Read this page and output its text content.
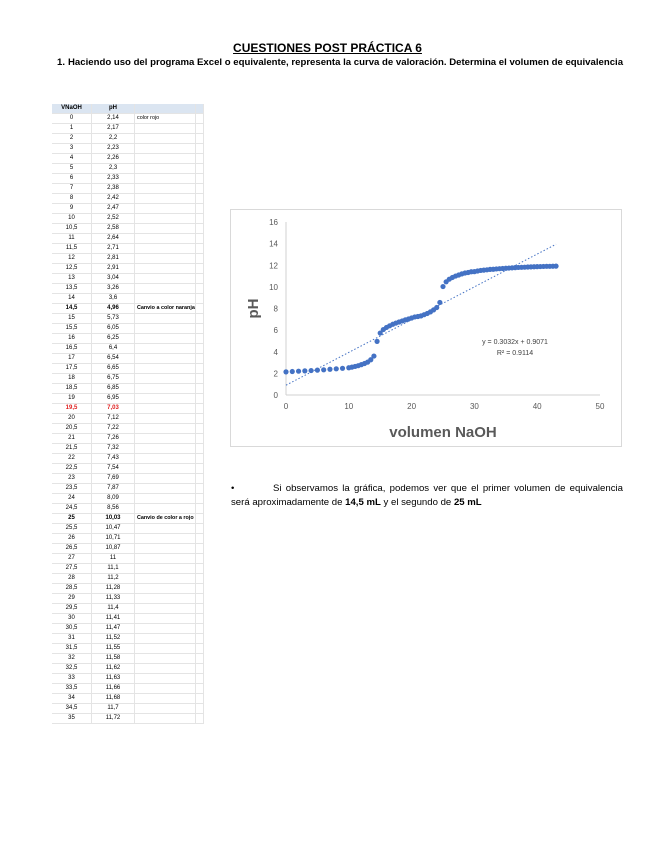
CUESTIONES POST PRÁCTICA 6
1. Haciendo uso del programa Excel o equivalente, representa la curva de valoración. Determina el volumen de equivalencia
VNaOH	pH		
0	2,14	color rojo	
1	2,17		
2	2,2		
3	2,23		
4	2,26		
5	2,3		
6	2,33		
7	2,38		
8	2,42		
9	2,47		
10	2,52		
10,5	2,58		
11	2,64		
11,5	2,71		
12	2,81		
12,5	2,91		
13	3,04		
13,5	3,26		
14	3,6		
14,5	4,96	Canvio a color naranja	
15	5,73		
15,5	6,05		
16	6,25		
16,5	6,4		
17	6,54		
17,5	6,65		
18	6,75		
18,5	6,85		
19	6,95		
19,5	7,03		
20	7,12		
20,5	7,22		
21	7,26		
21,5	7,32		
22	7,43		
22,5	7,54		
23	7,69		
23,5	7,87		
24	8,09		
24,5	8,56		
25	10,03	Canvio de color a rojo	
25,5	10,47		
26	10,71		
26,5	10,87		
27	11		
27,5	11,1		
28	11,2		
28,5	11,28		
29	11,33		
29,5	11,4		
30	11,41		
30,5	11,47		
31	11,52		
31,5	11,55		
32	11,58		
32,5	11,62		
33	11,63		
33,5	11,66		
34	11,68		
34,5	11,7		
35	11,72		
0
2
4
6
8
10
12
14
16
0	10	20	30	40	50
y = 0.3032x + 0.9071
R² = 0.9114
volumen NaOH
pH
•	Si observamos la gráfica, podemos ver que el primer volumen de equivalencia será aproximadamente de 14,5 mL y el segundo de 25 mL
